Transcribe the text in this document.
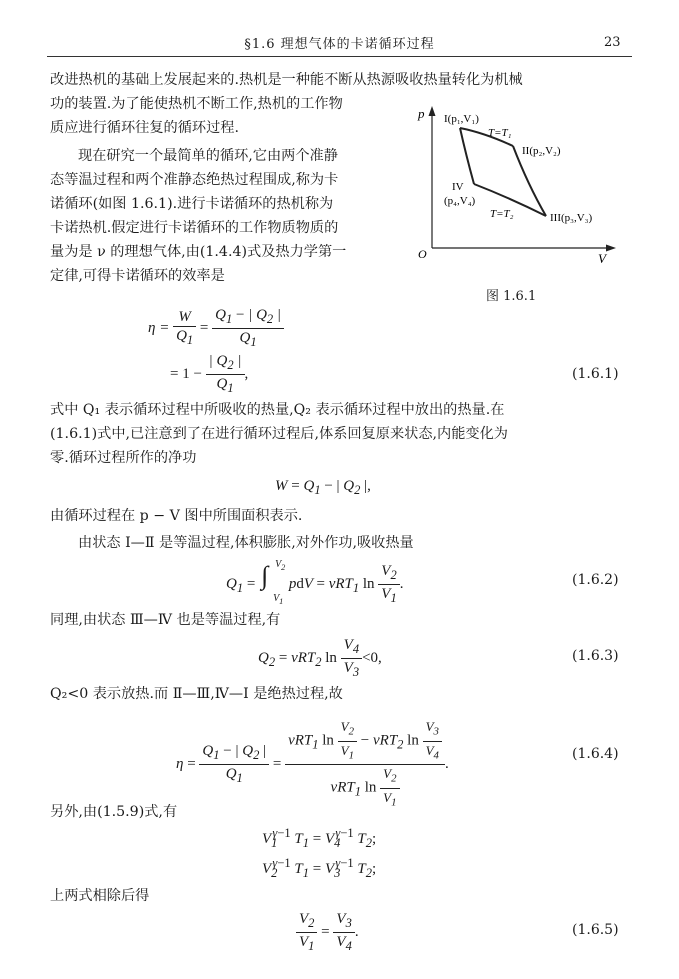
§1.6 理想气体的卡诺循环过程	23
改进热机的基础上发展起来的.热机是一种能不断从热源吸收热量转化为机械
功的装置.为了能使热机不断工作,热机的工作物
质应进行循环往复的循环过程.
现在研究一个最简单的循环,它由两个准静
态等温过程和两个准静态绝热过程围成,称为卡
诺循环(如图 1.6.1).进行卡诺循环的热机称为
卡诺热机.假定进行卡诺循环的工作物质物质的
量为是 ν 的理想气体,由(1.4.4)式及热力学第一
定律,可得卡诺循环的效率是
p
V
O
I(p₁,V₁)
II(p₂,V₂)
III(p₃,V₃)
IV
(p₄,V₄)
T=T₁
T=T₂
图 1.6.1
$\eta = \frac{W}{Q_1} = \frac{Q_1 - | Q_2 |}{Q_1}$
= $1 - \frac{| Q_2 |}{Q_1}$ ,	(1.6.1)
式中 Q₁ 表示循环过程中所吸收的热量,Q₂ 表示循环过程中放出的热量.在
(1.6.1)式中,已注意到了在进行循环过程后,体系回复原来状态,内能变化为
零.循环过程所作的净功
$W = Q_1$ − | $Q_2$ |,
由循环过程在 p − V 图中所围面积表示.
由状态 Ⅰ—Ⅱ 是等温过程,体积膨胀,对外作功,吸收热量
$Q_1$ = ∫ $V_2$
$V_1$
pdV = νRT$_1$ $\ln \frac{V_2}{V_1}$ .	(1.6.2)
同理,由状态 Ⅲ—Ⅳ 也是等温过程,有
$Q_2 = \nu RT_2$ $\ln \frac{V_4}{V_3} <0$,	(1.6.3)
Q₂<0 表示放热.而 Ⅱ—Ⅲ,Ⅳ—Ⅰ 是绝热过程,故
$\eta = \frac{Q_1 - | Q_2 |}{Q_1} = \frac{\nu RT_1 \ln \frac{V_2}{V_1} - \nu RT_2 \ln \frac{V_3}{V_4}}{\nu RT_1 \ln \frac{V_2}{V_1}}$ .
(1.6.4)
另外,由(1.5.9)式,有
$V_1^{\gamma-1}$ $T_1 = V_4^{\gamma-1}$ $T_2$;
$V_2^{\gamma-1}$ $T_1 = V_3^{\gamma-1}$ $T_2$;
上两式相除后得
$\frac{V_2}{V_1} = \frac{V_3}{V_4}$ .	(1.6.5)
